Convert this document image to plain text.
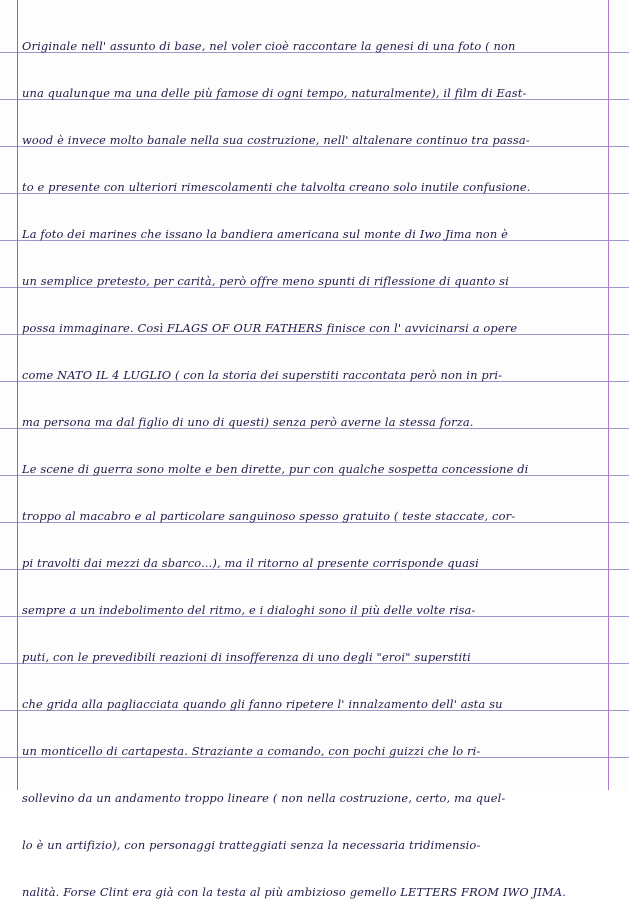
Originale nell' assunto di base, nel voler cioè raccontare la genesi di una foto ( non
una qualunque ma una delle più famose di ogni tempo, naturalmente), il film di East-
wood è invece molto banale nella sua costruzione, nell' altalenare continuo tra passa-
to e presente con ulteriori rimescolamenti che talvolta creano solo inutile confusione.
La foto dei marines che issano la bandiera americana sul monte di Iwo Jima non è
un semplice pretesto, per carità, però offre meno spunti di riflessione di quanto si
possa immaginare. Così FLAGS OF OUR FATHERS finisce con l' avvicinarsi a opere
come NATO IL 4 LUGLIO ( con la storia dei superstiti raccontata però non in pri-
ma persona ma dal figlio di uno di questi) senza però averne la stessa forza.
Le scene di guerra sono molte e ben dirette, pur con qualche sospetta concessione di
troppo al macabro e al particolare sanguinoso spesso gratuito ( teste staccate, cor-
pi travolti dai mezzi da sbarco...), ma il ritorno al presente corrisponde quasi
sempre a un indebolimento del ritmo, e i dialoghi sono il più delle volte risa-
puti, con le prevedibili reazioni di insofferenza di uno degli "eroi" superstiti
che grida alla pagliacciata quando gli fanno ripetere l' innalzamento dell' asta su
un monticello di cartapesta. Straziante a comando, con pochi guizzi che lo ri-
sollevino da un andamento troppo lineare ( non nella costruzione, certo, ma quel-
lo è un artifizio), con personaggi tratteggiati senza la necessaria tridimensio-
nalità. Forse Clint era già con la testa al più ambizioso gemello LETTERS FROM IWO JIMA.
